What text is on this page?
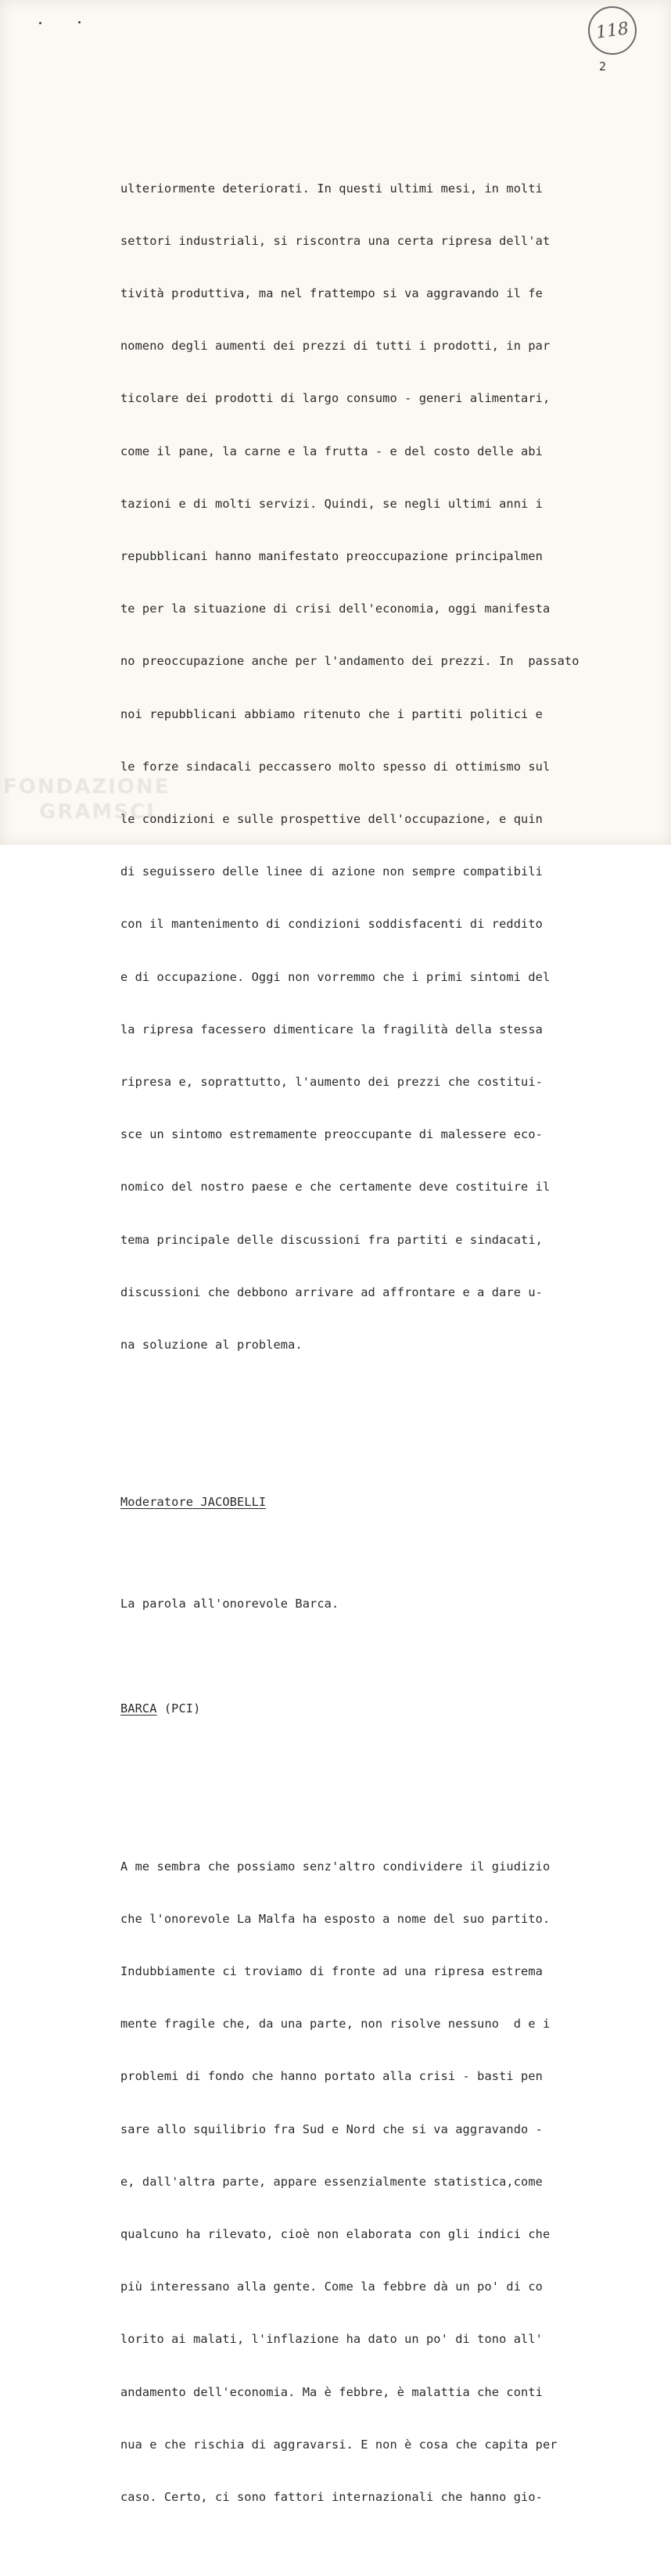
118
2

ulteriormente deteriorati. In questi ultimi mesi, in molti

settori industriali, si riscontra una certa ripresa dell'at

tività produttiva, ma nel frattempo si va aggravando il fe

nomeno degli aumenti dei prezzi di tutti i prodotti, in par

ticolare dei prodotti di largo consumo - generi alimentari,

come il pane, la carne e la frutta - e del costo delle abi

tazioni e di molti servizi. Quindi, se negli ultimi anni i

repubblicani hanno manifestato preoccupazione principalmen

te per la situazione di crisi dell'economia, oggi manifesta

no preoccupazione anche per l'andamento dei prezzi. In  passato

noi repubblicani abbiamo ritenuto che i partiti politici e

le forze sindacali peccassero molto spesso di ottimismo sul

le condizioni e sulle prospettive dell'occupazione, e quin

di seguissero delle linee di azione non sempre compatibili

con il mantenimento di condizioni soddisfacenti di reddito

e di occupazione. Oggi non vorremmo che i primi sintomi del

la ripresa facessero dimenticare la fragilità della stessa

ripresa e, soprattutto, l'aumento dei prezzi che costitui-

sce un sintomo estremamente preoccupante di malessere eco-

nomico del nostro paese e che certamente deve costituire il

tema principale delle discussioni fra partiti e sindacati,

discussioni che debbono arrivare ad affrontare e a dare u-

na soluzione al problema.

Moderatore JACOBELLI

La parola all'onorevole Barca.

BARCA (PCI)

A me sembra che possiamo senz'altro condividere il giudizio

che l'onorevole La Malfa ha esposto a nome del suo partito.

Indubbiamente ci troviamo di fronte ad una ripresa estrema

mente fragile che, da una parte, non risolve nessuno  d e i

problemi di fondo che hanno portato alla crisi - basti pen

sare allo squilibrio fra Sud e Nord che si va aggravando -

e, dall'altra parte, appare essenzialmente statistica,come

qualcuno ha rilevato, cioè non elaborata con gli indici che

più interessano alla gente. Come la febbre dà un po' di co

lorito ai malati, l'inflazione ha dato un po' di tono all'

andamento dell'economia. Ma è febbre, è malattia che conti

nua e che rischia di aggravarsi. E non è cosa che capita per

caso. Certo, ci sono fattori internazionali che hanno gio-

FONDAZIONE
GRAMSCI
